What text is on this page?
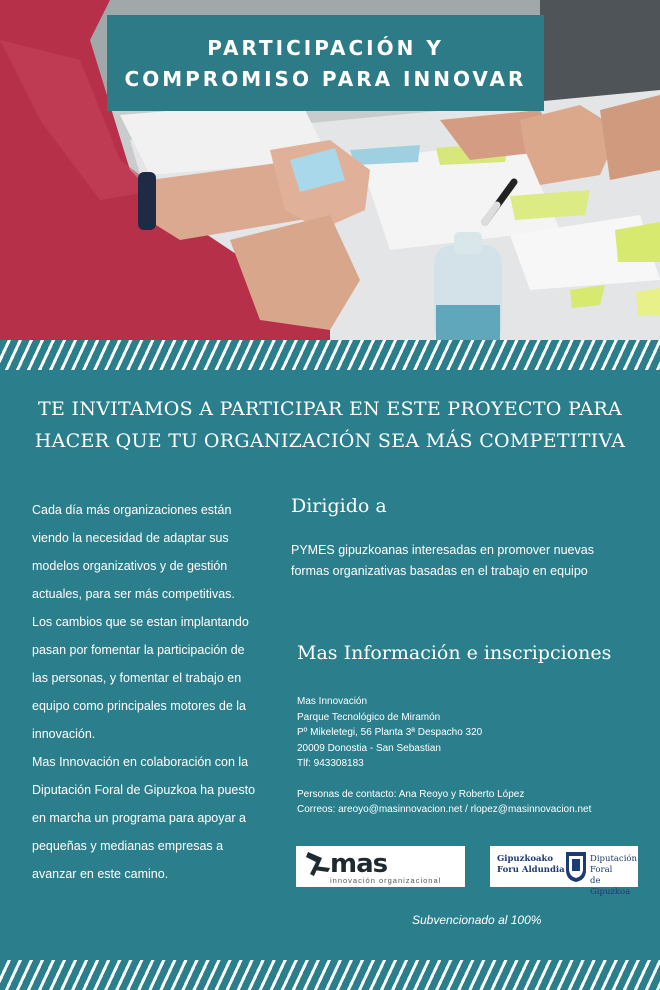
PARTICIPACIÓN Y
COMPROMISO PARA INNOVAR
TE INVITAMOS A PARTICIPAR EN ESTE PROYECTO PARA
HACER QUE TU ORGANIZACIÓN SEA MÁS COMPETITIVA

Cada día más organizaciones están viendo la necesidad de adaptar sus modelos organizativos y de gestión actuales, para ser más competitivas. Los cambios que se estan implantando pasan por fomentar la participación de las personas, y fomentar el trabajo en equipo como principales motores de la innovación.

Mas Innovación en colaboración con la Diputación Foral de Gipuzkoa ha puesto en marcha un programa para apoyar a pequeñas y medianas empresas a avanzar en este camino.

Dirigido a
PYMES gipuzkoanas interesadas en promover nuevas formas organizativas basadas en el trabajo en equipo
Mas Información e inscripciones

Mas Innovación

Parque Tecnológico de Miramón

Pº Mikeletegi, 56 Planta 3ª Despacho 320

20009 Donostia - San Sebastian

Tlf: 943308183

Personas de contacto: Ana Reoyo y Roberto López

Correos: areoyo@masinnovacion.net / rlopez@masinnovacion.net

mas
innovación organizacional
Gipuzkoako
Foru Aldundia
Diputación Foral
de Gipuzkoa
Subvencionado al 100%
